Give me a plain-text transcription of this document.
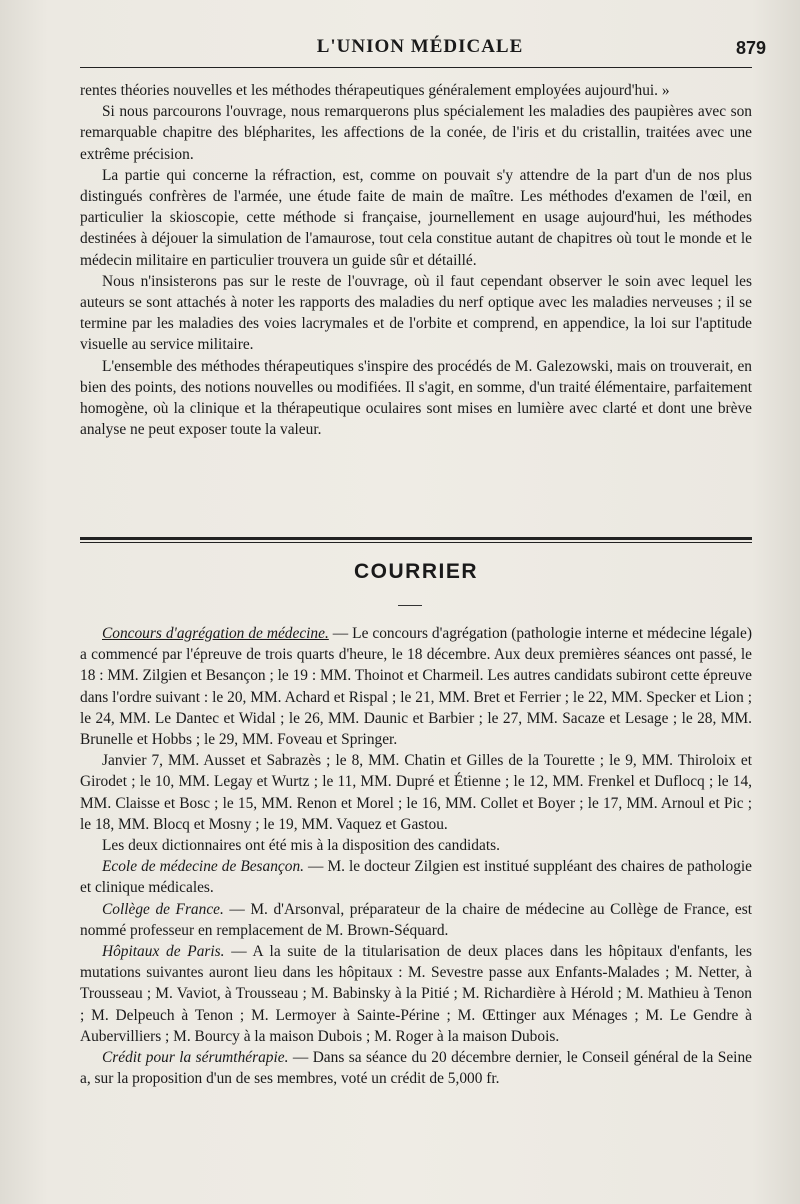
L'UNION MÉDICALE	879

rentes théories nouvelles et les méthodes thérapeutiques généralement employées aujourd'hui. »

Si nous parcourons l'ouvrage, nous remarquerons plus spécialement les maladies des paupières avec son remarquable chapitre des blépharites, les affections de la conée, de l'iris et du cristallin, traitées avec une extrême précision.

La partie qui concerne la réfraction, est, comme on pouvait s'y attendre de la part d'un de nos plus distingués confrères de l'armée, une étude faite de main de maître. Les méthodes d'examen de l'œil, en particulier la skioscopie, cette méthode si française, journellement en usage aujourd'hui, les méthodes destinées à déjouer la simulation de l'amaurose, tout cela constitue autant de chapitres où tout le monde et le médecin militaire en particulier trouvera un guide sûr et détaillé.

Nous n'insisterons pas sur le reste de l'ouvrage, où il faut cependant observer le soin avec lequel les auteurs se sont attachés à noter les rapports des maladies du nerf optique avec les maladies nerveuses ; il se termine par les maladies des voies lacrymales et de l'orbite et comprend, en appendice, la loi sur l'aptitude visuelle au service militaire.

L'ensemble des méthodes thérapeutiques s'inspire des procédés de M. Galezowski, mais on trouverait, en bien des points, des notions nouvelles ou modifiées. Il s'agit, en somme, d'un traité élémentaire, parfaitement homogène, où la clinique et la thérapeutique oculaires sont mises en lumière avec clarté et dont une brève analyse ne peut exposer toute la valeur.

COURRIER

Concours d'agrégation de médecine. — Le concours d'agrégation (pathologie interne et médecine légale) a commencé par l'épreuve de trois quarts d'heure, le 18 décembre. Aux deux premières séances ont passé, le 18 : MM. Zilgien et Besançon ; le 19 : MM. Thoinot et Charmeil. Les autres candidats subiront cette épreuve dans l'ordre suivant : le 20, MM. Achard et Rispal ; le 21, MM. Bret et Ferrier ; le 22, MM. Specker et Lion ; le 24, MM. Le Dantec et Widal ; le 26, MM. Daunic et Barbier ; le 27, MM. Sacaze et Lesage ; le 28, MM. Brunelle et Hobbs ; le 29, MM. Foveau et Springer.

Janvier 7, MM. Ausset et Sabrazès ; le 8, MM. Chatin et Gilles de la Tourette ; le 9, MM. Thiroloix et Girodet ; le 10, MM. Legay et Wurtz ; le 11, MM. Dupré et Étienne ; le 12, MM. Frenkel et Duflocq ; le 14, MM. Claisse et Bosc ; le 15, MM. Renon et Morel ; le 16, MM. Collet et Boyer ; le 17, MM. Arnoul et Pic ; le 18, MM. Blocq et Mosny ; le 19, MM. Vaquez et Gastou.

Les deux dictionnaires ont été mis à la disposition des candidats.

Ecole de médecine de Besançon. — M. le docteur Zilgien est institué suppléant des chaires de pathologie et clinique médicales.

Collège de France. — M. d'Arsonval, préparateur de la chaire de médecine au Collège de France, est nommé professeur en remplacement de M. Brown-Séquard.

Hôpitaux de Paris. — A la suite de la titularisation de deux places dans les hôpitaux d'enfants, les mutations suivantes auront lieu dans les hôpitaux : M. Sevestre passe aux Enfants-Malades ; M. Netter, à Trousseau ; M. Vaviot, à Trousseau ; M. Babinsky à la Pitié ; M. Richardière à Hérold ; M. Mathieu à Tenon ; M. Delpeuch à Tenon ; M. Lermoyer à Sainte-Périne ; M. Œttinger aux Ménages ; M. Le Gendre à Aubervilliers ; M. Bourcy à la maison Dubois ; M. Roger à la maison Dubois.

Crédit pour la sérumthérapie. — Dans sa séance du 20 décembre dernier, le Conseil général de la Seine a, sur la proposition d'un de ses membres, voté un crédit de 5,000 fr.
